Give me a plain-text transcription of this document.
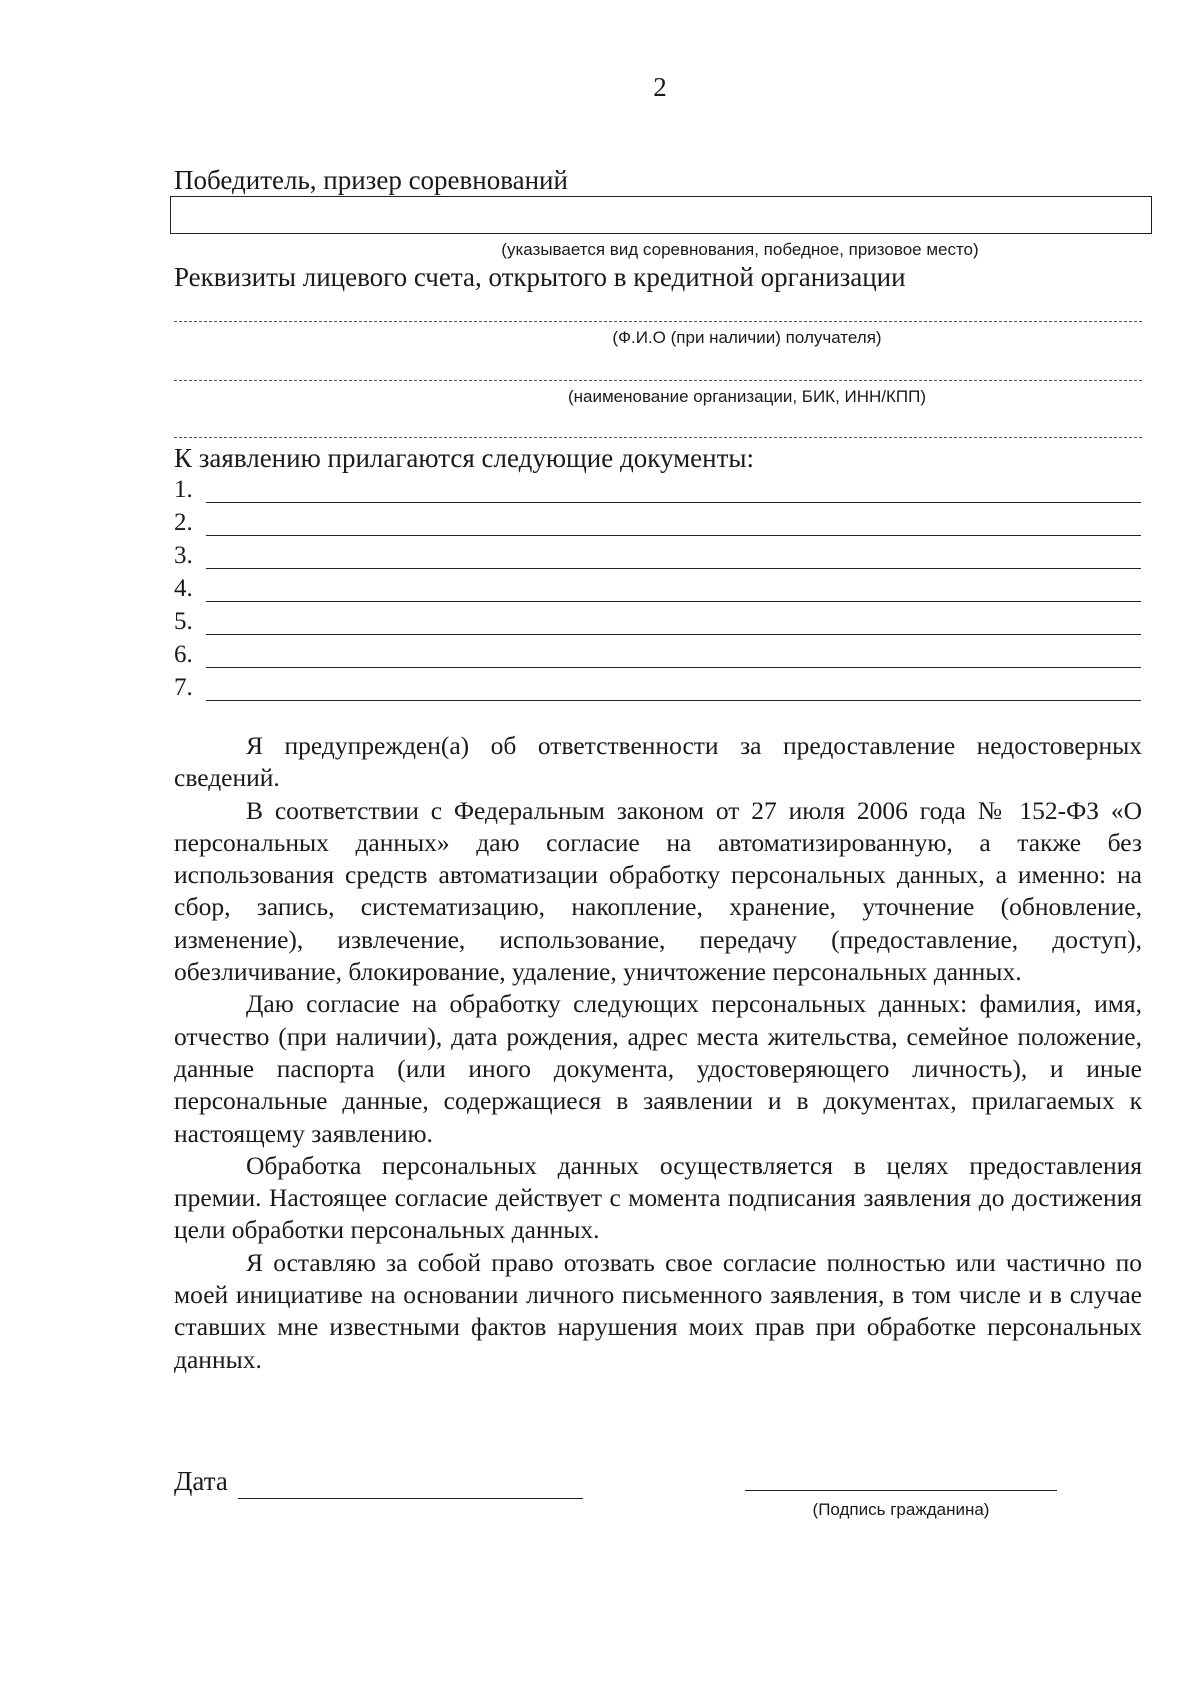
2
Победитель, призер соревнований
(указывается вид соревнования, победное, призовое место)
Реквизиты лицевого счета, открытого в кредитной организации
(Ф.И.О (при наличии) получателя)
(наименование организации, БИК, ИНН/КПП)
К заявлению прилагаются следующие документы:
1.
2.
3.
4.
5.
6.
7.

Я предупрежден(а) об ответственности за предоставление недостоверных сведений.

В соответствии с Федеральным законом от 27 июля 2006 года № 152-ФЗ «О персональных данных» даю согласие на автоматизированную, а также без использования средств автоматизации обработку персональных данных, а именно: на сбор, запись, систематизацию, накопление, хранение, уточнение (обновление, изменение), извлечение, использование, передачу (предоставление, доступ), обезличивание, блокирование, удаление, уничтожение персональных данных.

Даю согласие на обработку следующих персональных данных: фамилия, имя, отчество (при наличии), дата рождения, адрес места жительства, семейное положение, данные паспорта (или иного документа, удостоверяющего личность), и иные персональные данные, содержащиеся в заявлении и в документах, прилагаемых к настоящему заявлению.

Обработка персональных данных осуществляется в целях предоставления премии. Настоящее согласие действует с момента подписания заявления до достижения цели обработки персональных данных.

Я оставляю за собой право отозвать свое согласие полностью или частично по моей инициативе на основании личного письменного заявления, в том числе и в случае ставших мне известными фактов нарушения моих прав при обработке персональных данных.

Дата
(Подпись гражданина)
